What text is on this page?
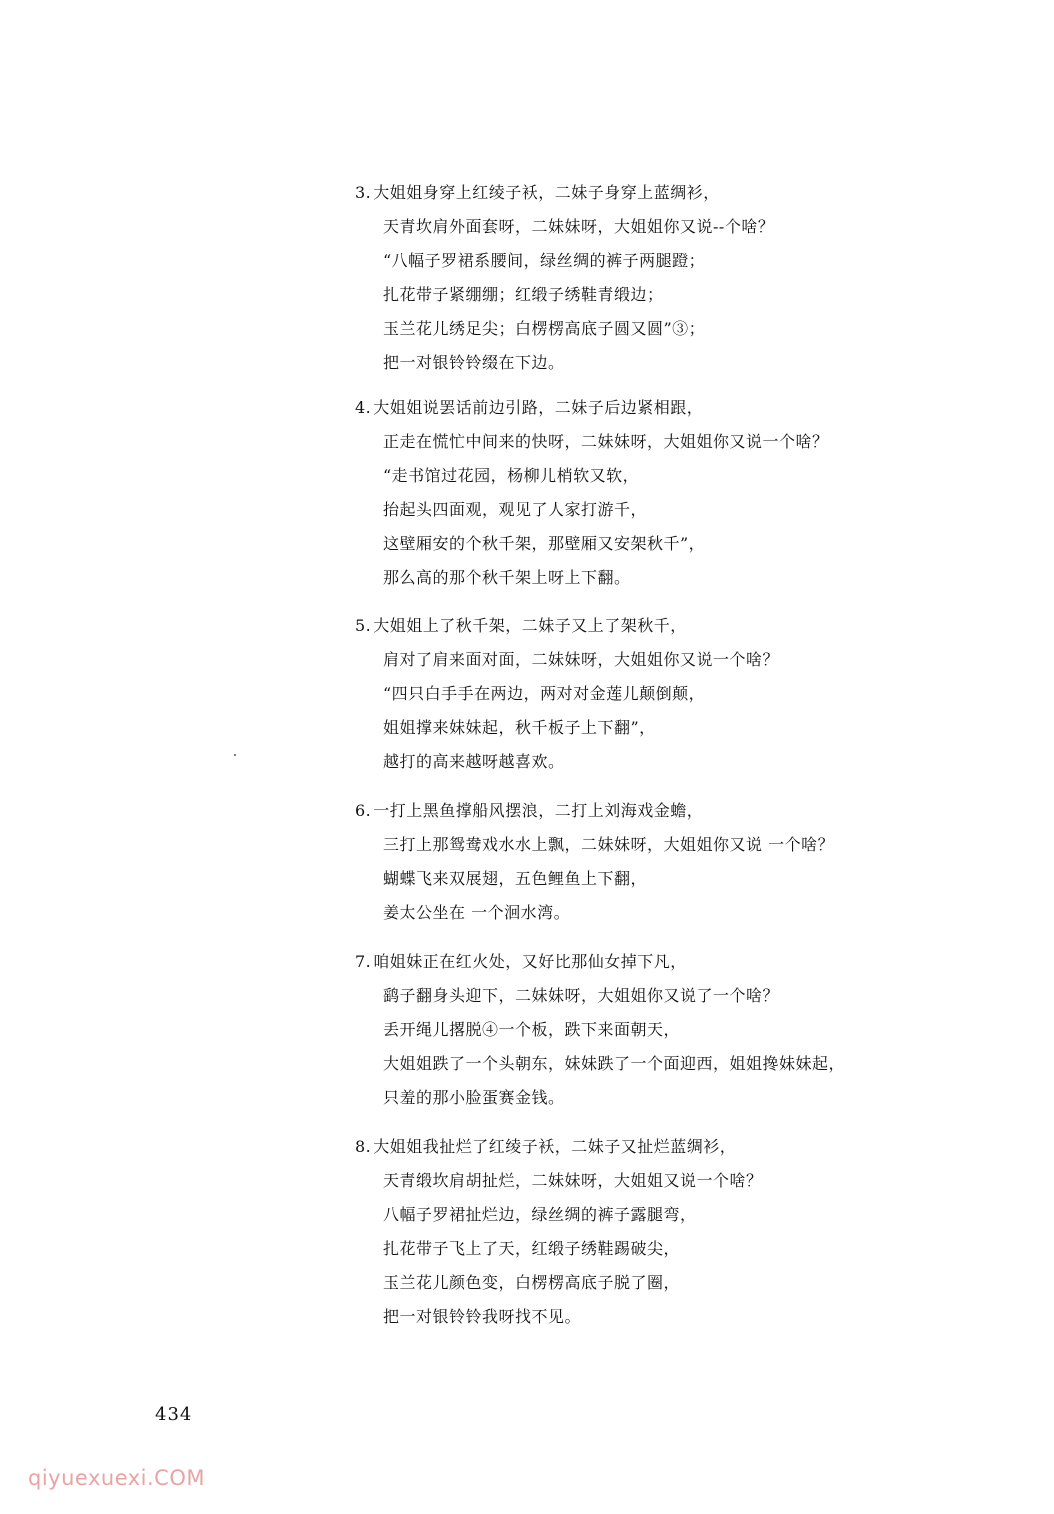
3. 大姐姐身穿上红绫子袄，二妹子身穿上蓝绸衫，
天青坎肩外面套呀，二妹妹呀，大姐姐你又说--个啥？
“八幅子罗裙系腰间，绿丝绸的裤子两腿蹬；
扎花带子紧绷绷；红缎子绣鞋青缎边；
玉兰花儿绣足尖；白楞楞高底子圆又圆”③；
把一对银铃铃缀在下边。
4. 大姐姐说罢话前边引路，二妹子后边紧相跟，
正走在慌忙中间来的快呀，二妹妹呀，大姐姐你又说一个啥？
“走书馆过花园，杨柳儿梢软又软，
抬起头四面观，观见了人家打游千，
这壁厢安的个秋千架，那壁厢又安架秋千”，
那么高的那个秋千架上呀上下翻。
5. 大姐姐上了秋千架，二妹子又上了架秋千，
肩对了肩来面对面，二妹妹呀，大姐姐你又说一个啥？
“四只白手手在两边，两对对金莲儿颠倒颠，
姐姐撑来妹妹起，秋千板子上下翻”，
越打的高来越呀越喜欢。
6. 一打上黑鱼撑船风摆浪，二打上刘海戏金蟾，
三打上那鸳鸯戏水水上飘，二妹妹呀，大姐姐你又说 一个啥？
蝴蝶飞来双展翅，五色鲤鱼上下翻，
姜太公坐在 一个洄水湾。
7. 咱姐妹正在红火处，又好比那仙女掉下凡，
鹞子翻身头迎下，二妹妹呀，大姐姐你又说了一个啥？
丢开绳儿撂脱④一个板，跌下来面朝天，
大姐姐跌了一个头朝东，妹妹跌了一个面迎西，姐姐搀妹妹起，
只羞的那小脸蛋赛金钱。
8. 大姐姐我扯烂了红绫子袄，二妹子又扯烂蓝绸衫，
天青缎坎肩胡扯烂，二妹妹呀，大姐姐又说一个啥？
八幅子罗裙扯烂边，绿丝绸的裤子露腿弯，
扎花带子飞上了天，红缎子绣鞋踢破尖，
玉兰花儿颜色变，白楞楞高底子脱了圈，
把一对银铃铃我呀找不见。
434
qiyuexuexi.COM
